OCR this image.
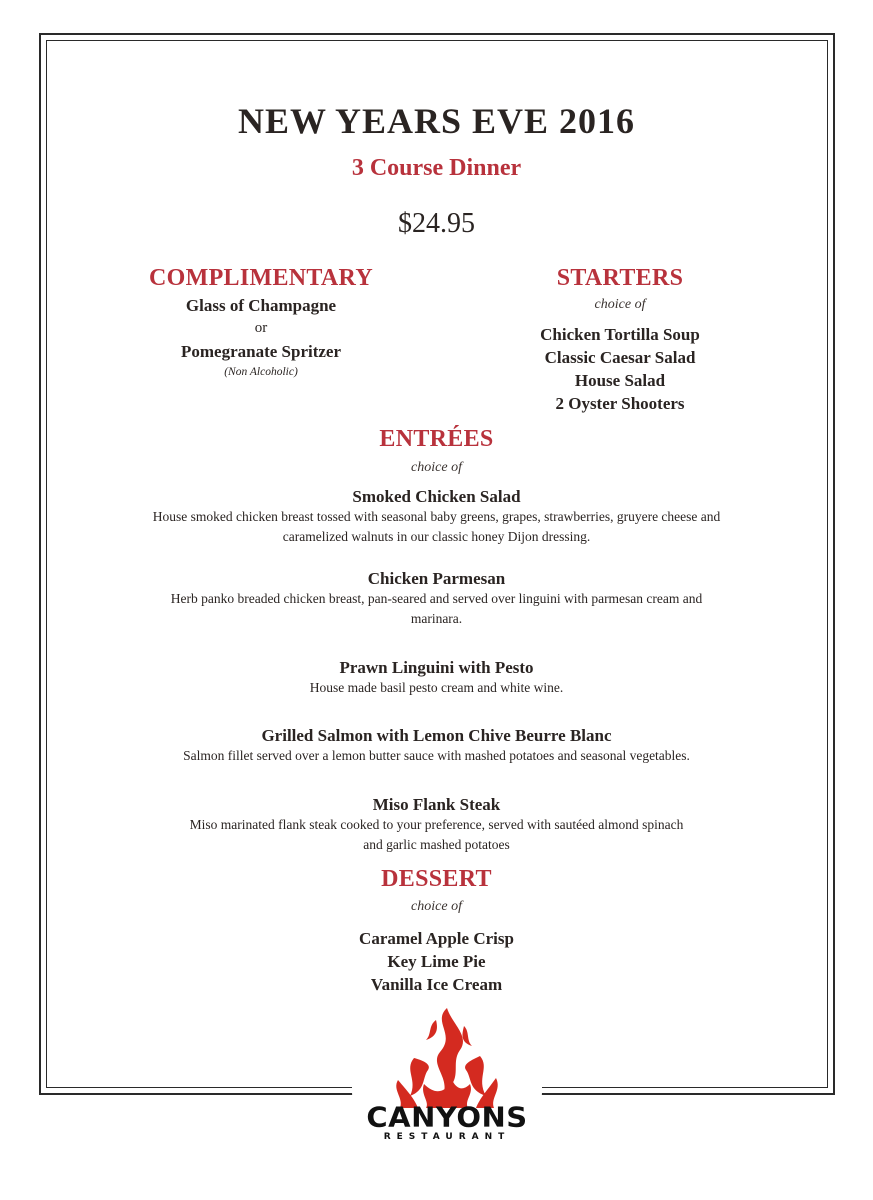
NEW YEARS EVE 2016
3 Course Dinner
$24.95
COMPLIMENTARY
Glass of Champagne
or
Pomegranate Spritzer
(Non Alcoholic)
STARTERS
choice of
Chicken Tortilla Soup
Classic Caesar Salad
House Salad
2 Oyster Shooters
ENTRÉES
choice of
Smoked Chicken Salad
House smoked chicken breast tossed with seasonal baby greens, grapes, strawberries, gruyere cheese and
caramelized walnuts in our classic honey Dijon dressing.
Chicken Parmesan
Herb panko breaded chicken breast, pan-seared and served over linguini with parmesan cream and
marinara.
Prawn Linguini with Pesto
House made basil pesto cream and white wine.
Grilled Salmon with Lemon Chive Beurre Blanc
Salmon fillet served over a lemon butter sauce with mashed potatoes and seasonal vegetables.
Miso Flank Steak
Miso marinated flank steak cooked to your preference, served with sautéed almond spinach
and garlic mashed potatoes
DESSERT
choice of
Caramel Apple Crisp
Key Lime Pie
Vanilla Ice Cream
CANYONS
RESTAURANT
